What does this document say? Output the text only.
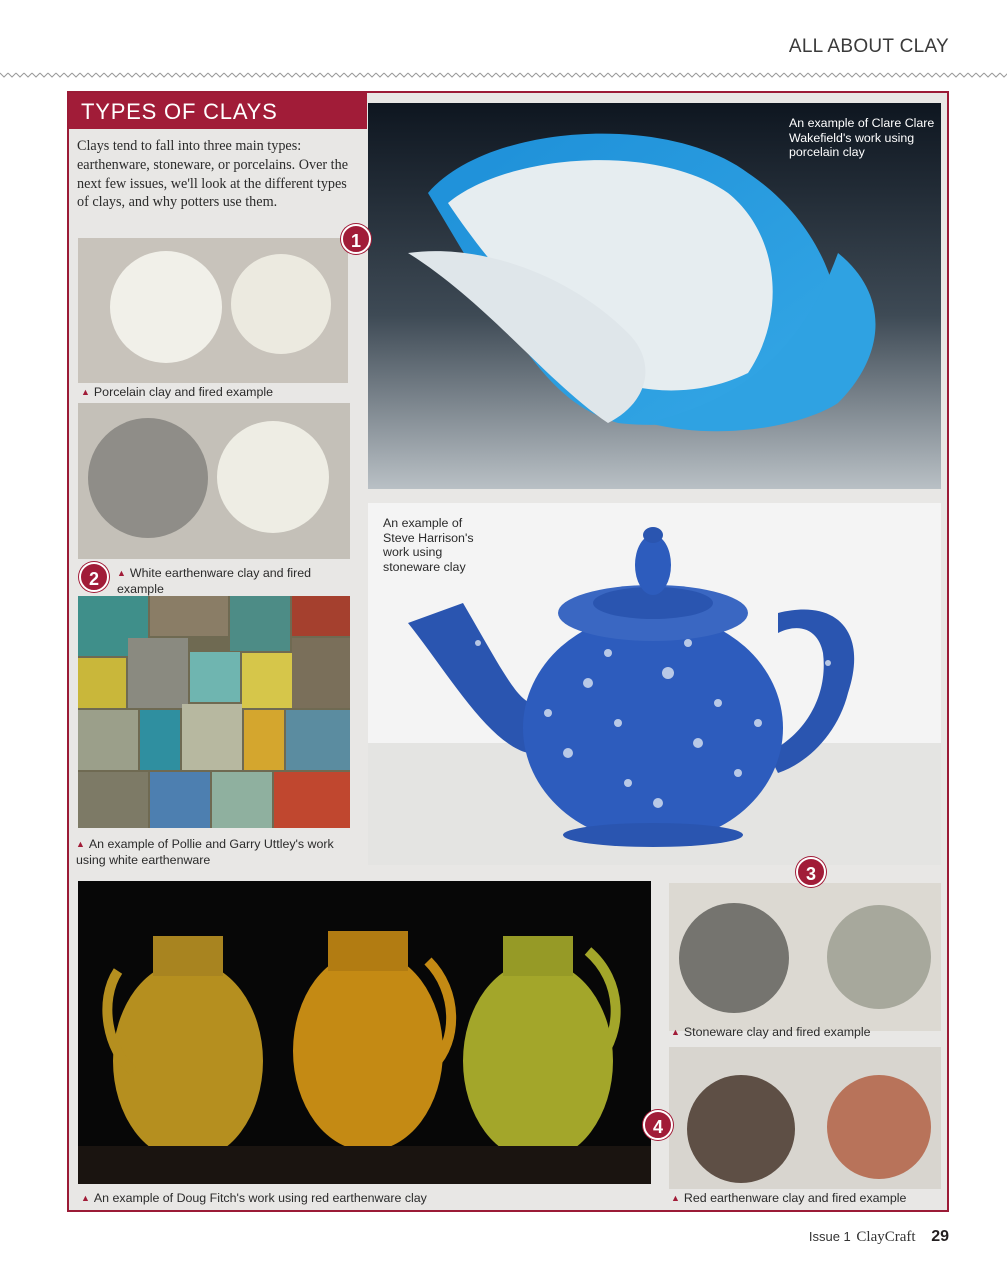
ALL ABOUT CLAY
TYPES OF CLAYS

Clays tend to fall into three main types: earthenware, stoneware, or porcelains. Over the next few issues, we'll look at the different types of clays, and why potters use them.

▲ Porcelain clay and fired example
▲ White earthenware clay and fired example
▲ An example of Pollie and Garry Uttley's work using white earthenware
An example of Clare Clare Wakefield's work using porcelain clay
An example of Steve Harrison's work using stoneware clay
▲ An example of Doug Fitch's work using red earthenware clay
▲ Stoneware clay and fired example
▲ Red earthenware clay and fired example
1
2
3
4
Issue 1 ClayCraft 29
